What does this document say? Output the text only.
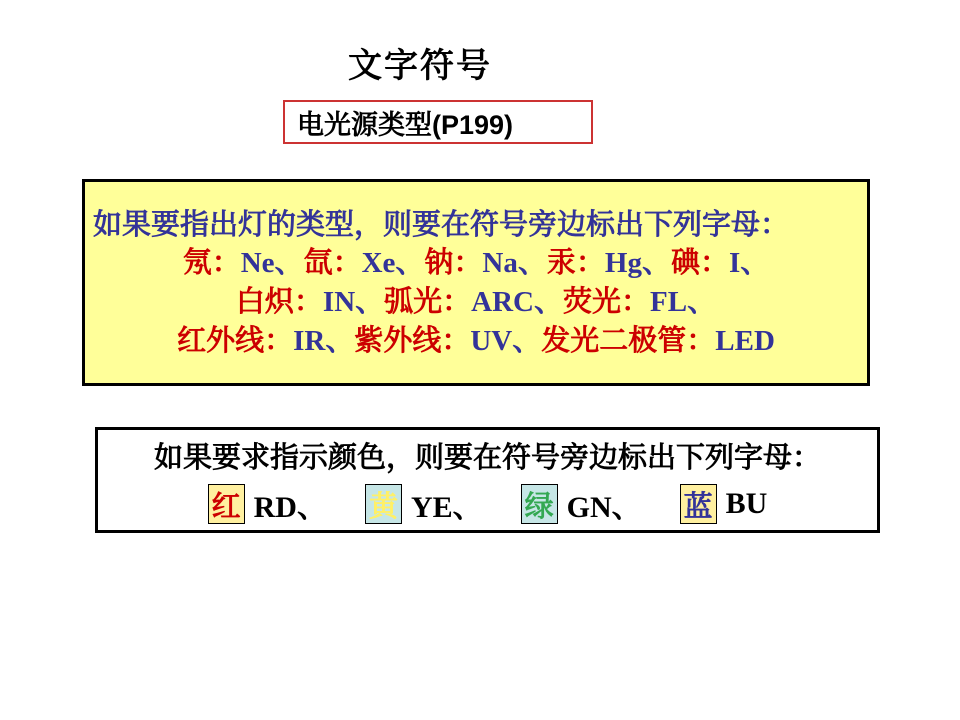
文字符号
电光源类型(P199)
如果要指出灯的类型，则要在符号旁边标出下列字母：
氖：Ne、氙：Xe、钠：Na、汞：Hg、碘：I、
白炽：IN、弧光：ARC、荧光：FL、
红外线：IR、紫外线：UV、发光二极管：LED
如果要求指示颜色，则要在符号旁边标出下列字母：
红 RD、 黄 YE、 绿 GN、 蓝 BU
